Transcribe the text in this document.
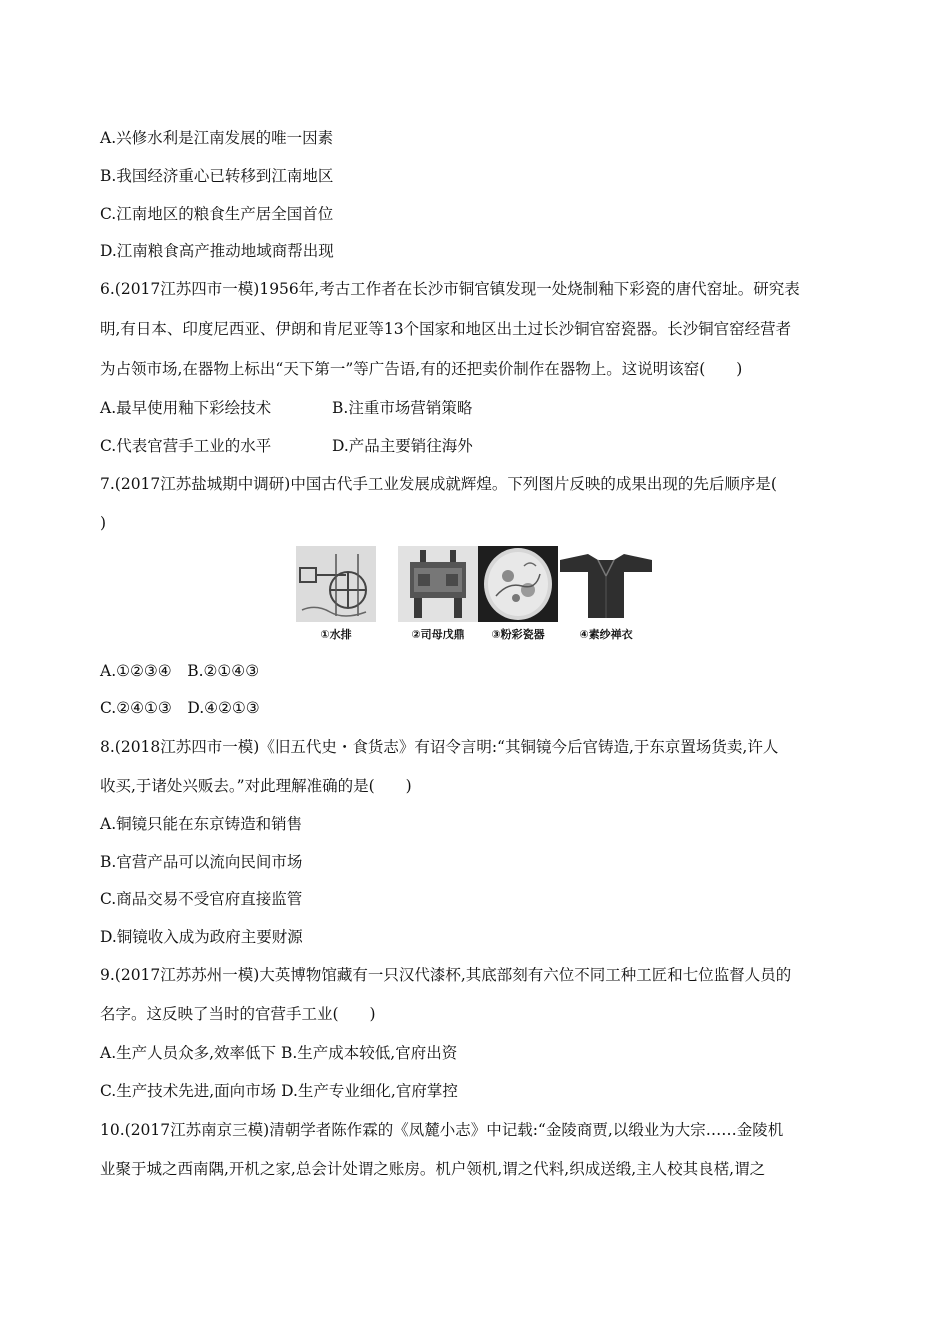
A.兴修水利是江南发展的唯一因素
B.我国经济重心已转移到江南地区
C.江南地区的粮食生产居全国首位
D.江南粮食高产推动地域商帮出现
6.(2017江苏四市一模)1956年,考古工作者在长沙市铜官镇发现一处烧制釉下彩瓷的唐代窑址。研究表
明,有日本、印度尼西亚、伊朗和肯尼亚等13个国家和地区出土过长沙铜官窑瓷器。长沙铜官窑经营者
为占领市场,在器物上标出“天下第一”等广告语,有的还把卖价制作在器物上。这说明该窑(　　)
A.最早使用釉下彩绘技术	B.注重市场营销策略
C.代表官营手工业的水平	D.产品主要销往海外
7.(2017江苏盐城期中调研)中国古代手工业发展成就辉煌。下列图片反映的成果出现的先后顺序是(
)
①水排	②司母戊鼎	③粉彩瓷器	④素纱禅衣
A.①②③④　B.②①④③
C.②④①③　D.④②①③
8.(2018江苏四市一模)《旧五代史・食货志》有诏令言明:“其铜镜今后官铸造,于东京置场货卖,许人
收买,于诸处兴贩去。”对此理解准确的是(　　)
A.铜镜只能在东京铸造和销售
B.官营产品可以流向民间市场
C.商品交易不受官府直接监管
D.铜镜收入成为政府主要财源
9.(2017江苏苏州一模)大英博物馆藏有一只汉代漆杯,其底部刻有六位不同工种工匠和七位监督人员的
名字。这反映了当时的官营手工业(　　)
A.生产人员众多,效率低下 B.生产成本较低,官府出资
C.生产技术先进,面向市场 D.生产专业细化,官府掌控
10.(2017江苏南京三模)清朝学者陈作霖的《凤麓小志》中记载:“金陵商贾,以缎业为大宗……金陵机
业聚于城之西南隅,开机之家,总会计处谓之账房。机户领机,谓之代料,织成送缎,主人校其良楛,谓之
